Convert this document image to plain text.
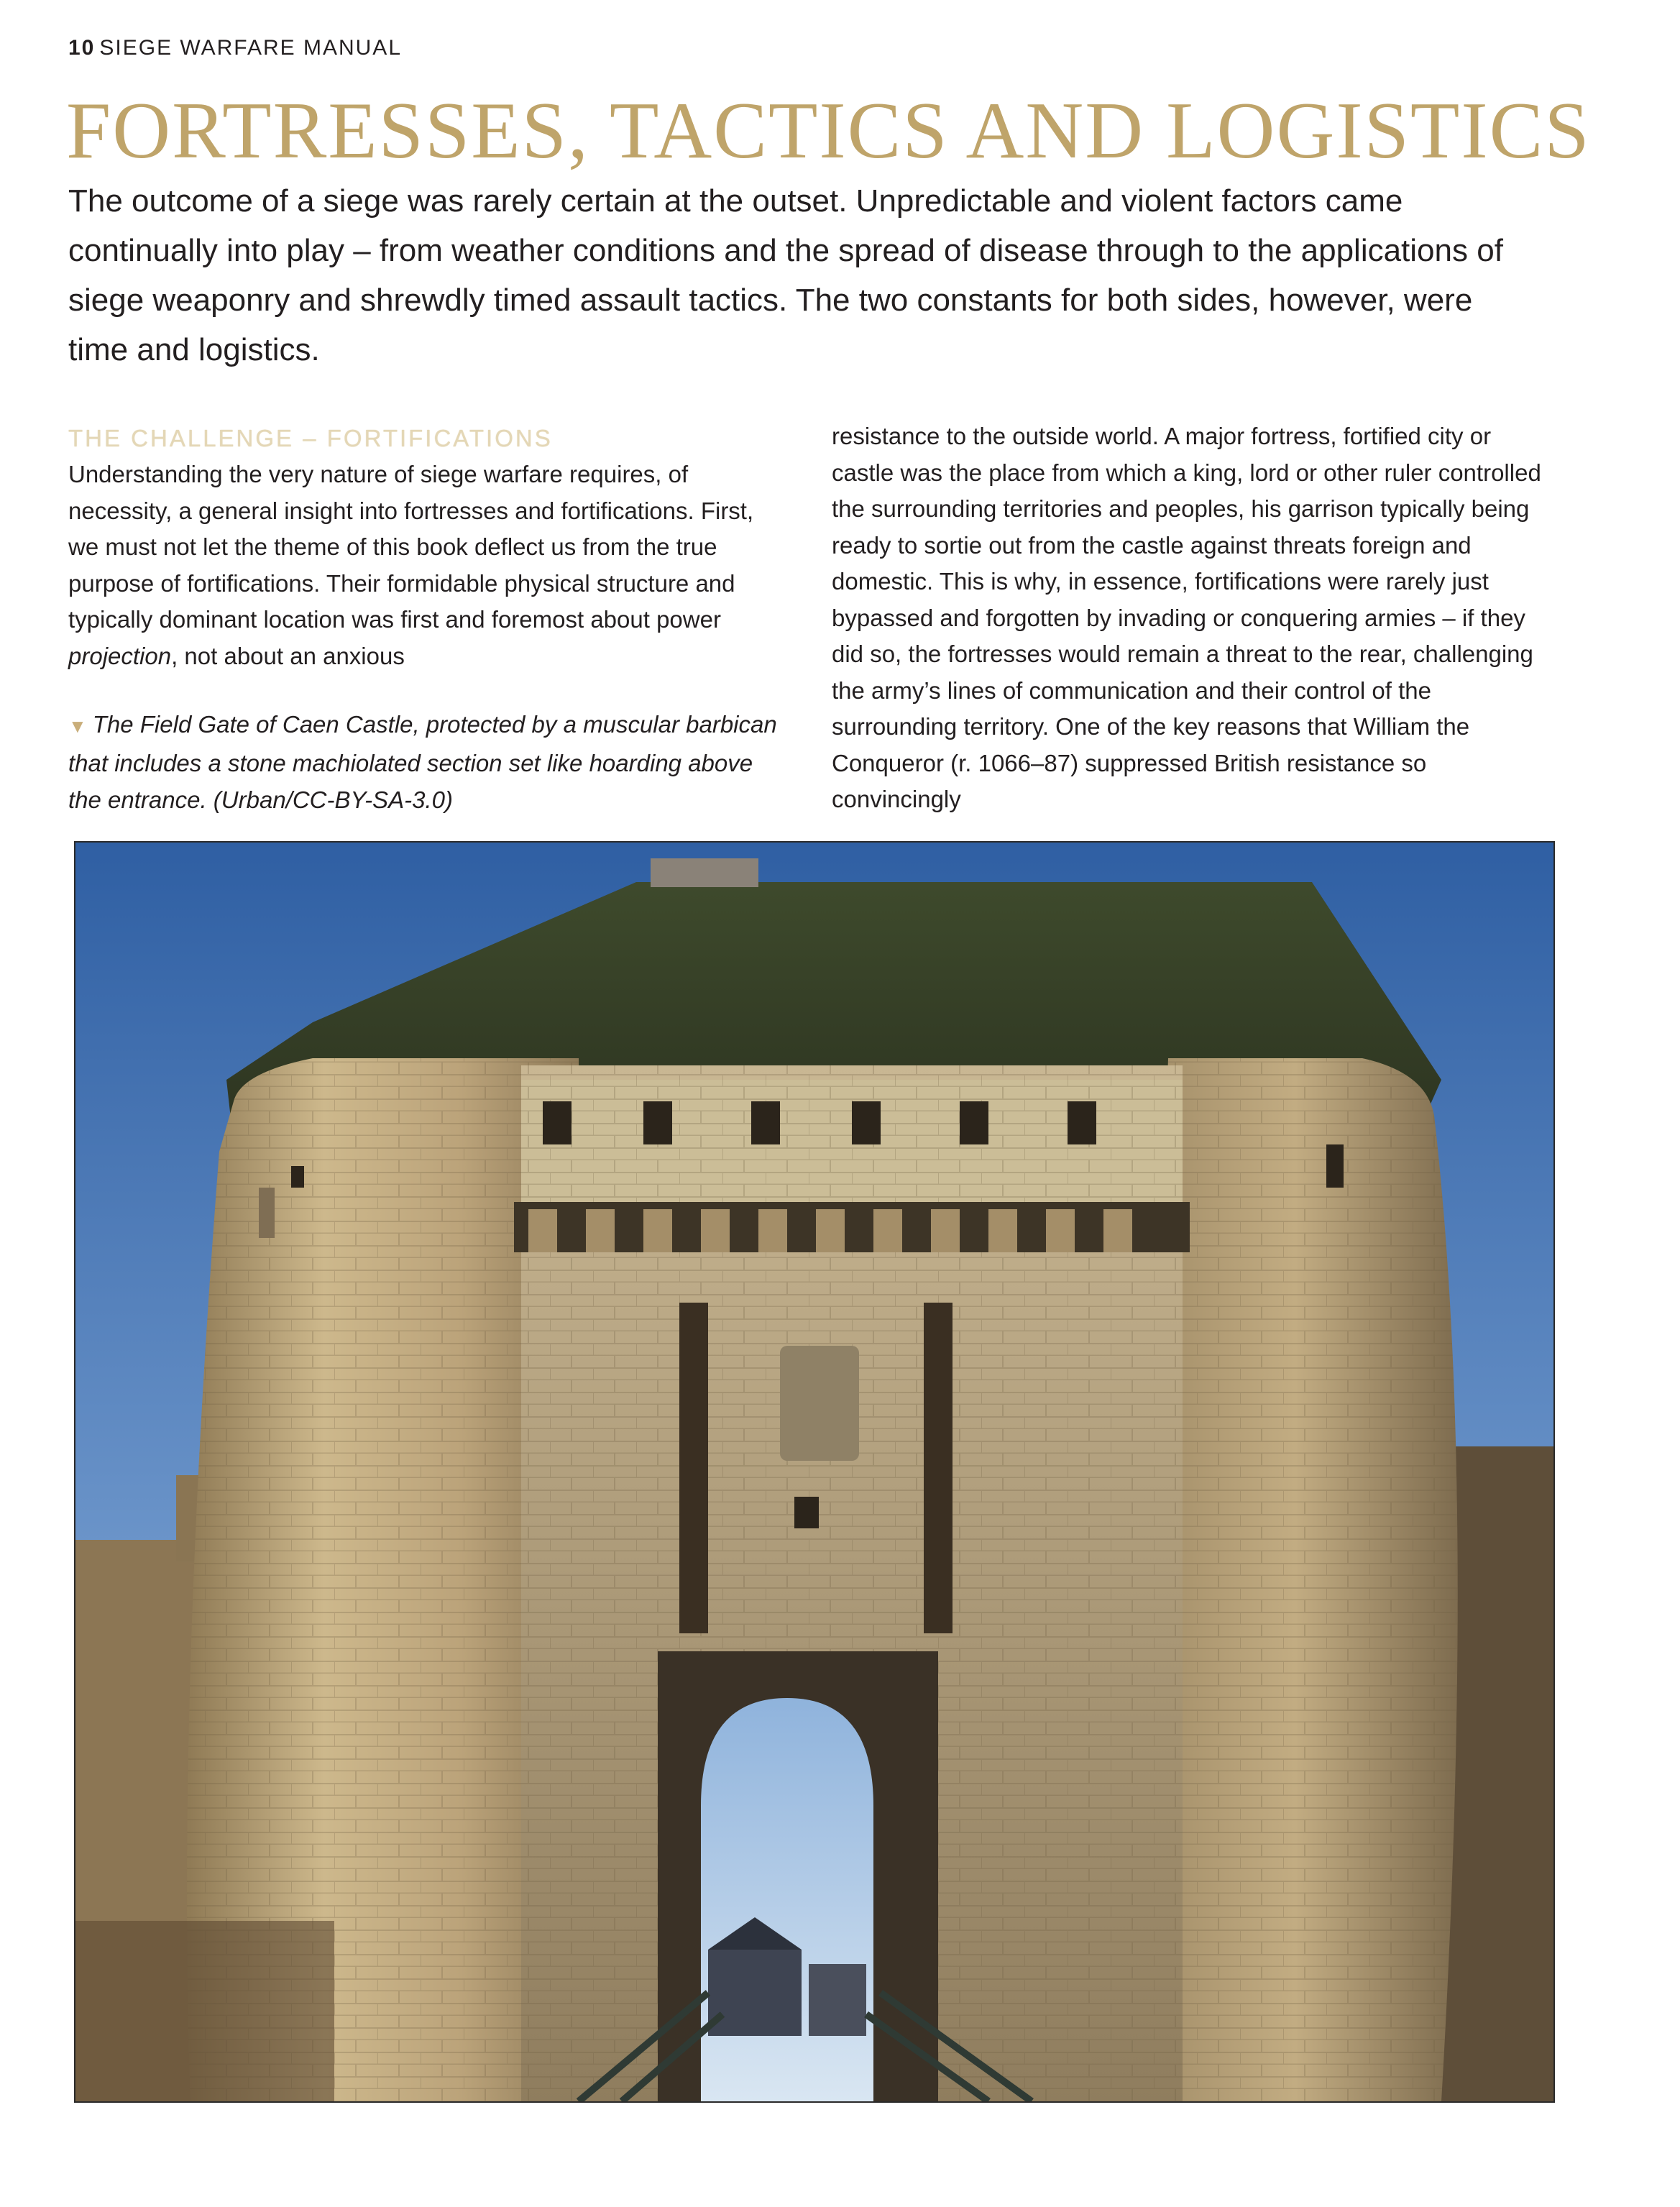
10 SIEGE WARFARE MANUAL
FORTRESSES, TACTICS AND LOGISTICS
The outcome of a siege was rarely certain at the outset. Unpredictable and violent factors came continually into play – from weather conditions and the spread of disease through to the applications of siege weaponry and shrewdly timed assault tactics. The two constants for both sides, however, were time and logistics.
THE CHALLENGE – FORTIFICATIONS
Understanding the very nature of siege warfare requires, of necessity, a general insight into fortresses and fortifications. First, we must not let the theme of this book deflect us from the true purpose of fortifications. Their formidable physical structure and typically dominant location was first and foremost about power projection, not about an anxious
▼ The Field Gate of Caen Castle, protected by a muscular barbican that includes a stone machiolated section set like hoarding above the entrance. (Urban/CC-BY-SA-3.0)
resistance to the outside world. A major fortress, fortified city or castle was the place from which a king, lord or other ruler controlled the surrounding territories and peoples, his garrison typically being ready to sortie out from the castle against threats foreign and domestic. This is why, in essence, fortifications were rarely just bypassed and forgotten by invading or conquering armies – if they did so, the fortresses would remain a threat to the rear, challenging the army’s lines of communication and their control of the surrounding territory. One of the key reasons that William the Conqueror (r. 1066–87) suppressed British resistance so convincingly
